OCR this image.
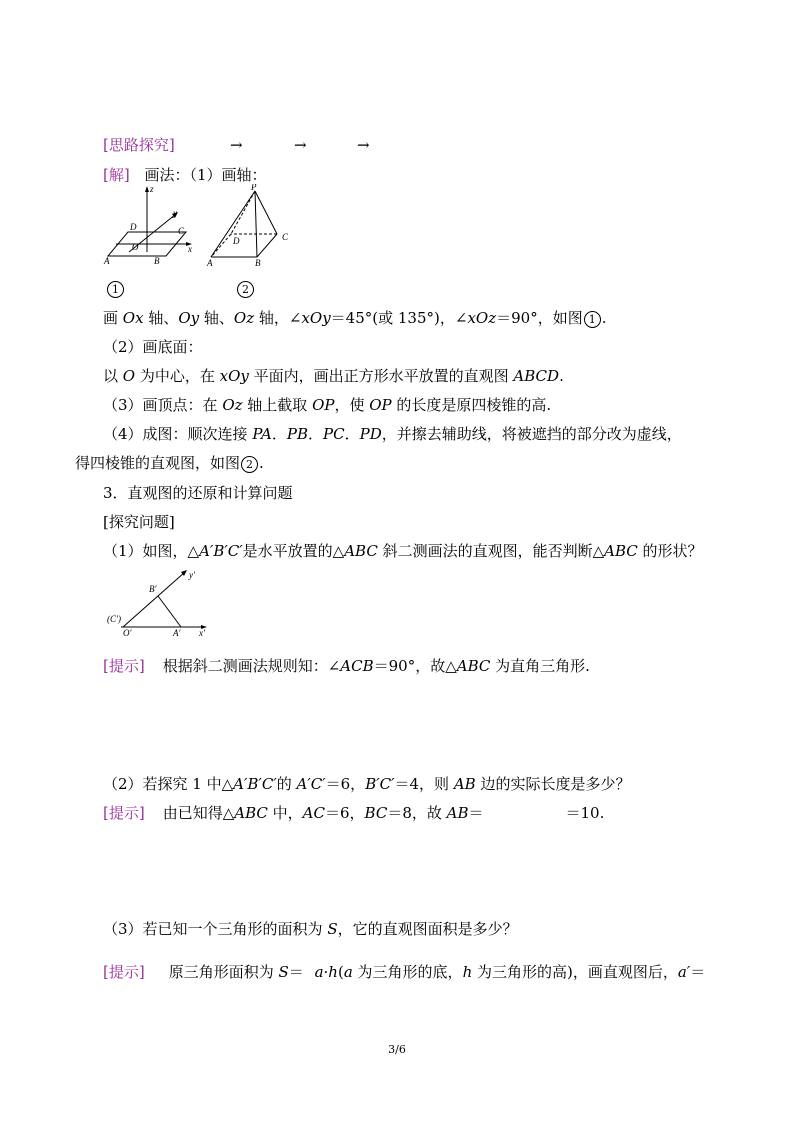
[思路探究]	→	→	→
[解] 画法：（1）画轴：
z
y
x
D	C
O
A	B
P
D	C
A	B
1	2
画 Ox 轴、Oy 轴、Oz 轴，∠xOy＝45°(或 135°)，∠xOz＝90°，如图 1 .
（2）画底面：
以 O 为中心，在 xOy 平面内，画出正方形水平放置的直观图 ABCD.
（3）画顶点：在 Oz 轴上截取 OP，使 OP 的长度是原四棱锥的高.
（4）成图：顺次连接 PA．PB．PC．PD，并擦去辅助线，将被遮挡的部分改为虚线，
得四棱锥的直观图，如图 2 .
3．直观图的还原和计算问题
[探究问题]
（1）如图，△A′B′C′是水平放置的△ABC 斜二测画法的直观图，能否判断△ABC 的形状？
y′
B′
(C′)
O′	A′ x′
[提示] 根据斜二测画法规则知：∠ACB＝90°，故△ABC 为直角三角形.
（2）若探究 1 中△A′B′C′的 A′C′＝6，B′C′＝4，则 AB 边的实际长度是多少？
[提示] 由已知得△ABC 中，AC＝6，BC＝8，故 AB＝	＝10.
（3）若已知一个三角形的面积为 S，它的直观图面积是多少？
[提示] 原三角形面积为 S＝ a·h(a 为三角形的底，h 为三角形的高)，画直观图后，a′＝
3/6
